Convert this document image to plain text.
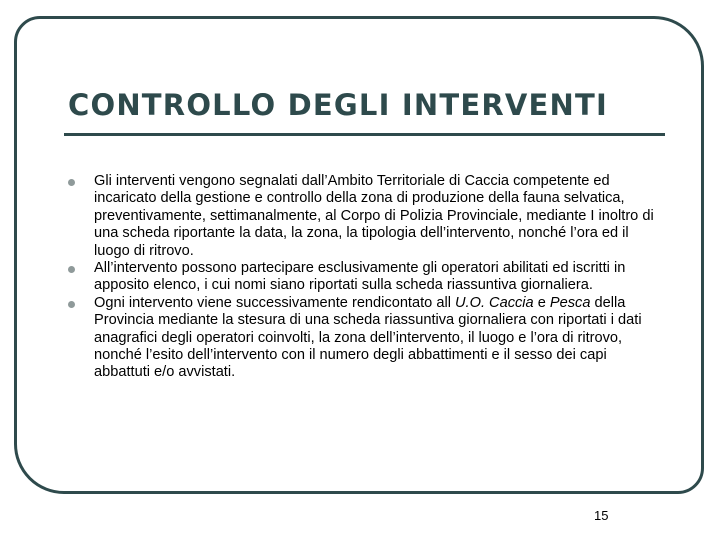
CONTROLLO DEGLI INTERVENTI
Gli interventi vengono segnalati dall’Ambito Territoriale di Caccia competente ed incaricato della gestione e controllo della zona di produzione della fauna selvatica, preventivamente, settimanalmente, al Corpo di Polizia Provinciale, mediante I inoltro di una scheda riportante la data, la zona, la tipologia dell’intervento, nonché l’ora ed il luogo di ritrovo.
All’intervento possono partecipare esclusivamente gli operatori abilitati ed iscritti in apposito elenco, i cui nomi siano riportati sulla scheda riassuntiva giornaliera.
Ogni intervento viene successivamente rendicontato all U.O. Caccia e Pesca della Provincia mediante la stesura di una scheda riassuntiva giornaliera con riportati i dati anagrafici degli operatori coinvolti, la zona dell’intervento, il luogo e l’ora di ritrovo, nonché l’esito dell’intervento con il numero degli abbattimenti e il sesso dei capi abbattuti e/o avvistati.
15
